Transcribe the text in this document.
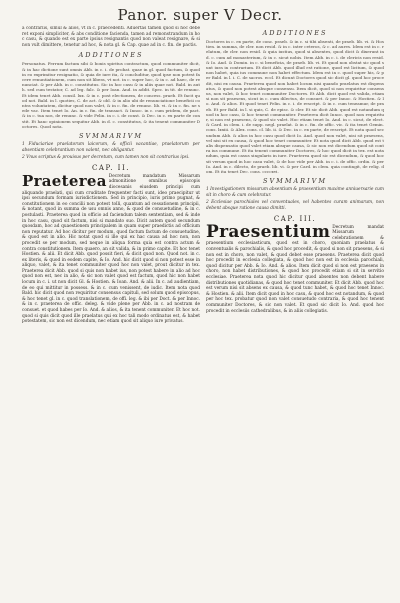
Panor. super V Decr.

a contrariis, simul & alios, vt in c. praecedenti. Aduertas tamen quod si hoc deberet exponi simpliciter, & abs conditione facienda, tamen ad remonstrandum in hoc casu, & quando est ex parte ipsius resignantis quod non valeat resignare, & si non vult dimittere, tenetur ad hoc, & nota gl. & Cap. quae ad in c. fin. de pactis.

ADDITIONES

Personatus. Ferrum factum sibi & bonis spiritus contractum, quod communiter dicit, & in hac dictione sunt omnis Abb. in c. i. de probat. quae in gl. quod factum, & quod in eo exprimitur resignatio, & quia de iure ita, & concluditur, quod ipse non potest facere renuntiationem, cum non sit libera, vt not. in c. super hoc, & in c. ad haec, de renunciat. & per Abb. in c. constitutus. Sic in hoc casu & in aliis quae not. Bald. in auth. sed cum testator, C. ad leg. falc. & per Ioan. And. in addit. Spec. in tit. de renunc. Et idem tenet Abb. consil. lxx. & in c. post electionem, de concess. praeb. Et facit quod not. Bald. in l. quoties, C. de act. & obl. & in alio ubi de renunciatione beneficii contra voluntatem, dicitur quod non valet, & in c. fin. de renunc. lib. vi. & in c. fin. ne sede vac. Item tenet Io. An. in c. fin. de transact. & Innoc. in c. cum pridem, de pact. & in c. tua nos, de renunc. & vide Felin. in c. i. de const. & Dec. in c. ex parte de constit. Et hanc opinionem sequitur Abb. in d. c. constitutus, & ita tenent communiter Doctores. Quod nota.

SVMMARIVM

1 Fiduciariae praelatorum laicorum, & officii vacantiae, praelatorum per absentiam celebrantium non valent, nec obligantur.

2 Vnus scriptus & prouisus per decretum, cum tamen non sit contrarius ipsi.

CAP. II.

Praeterea Decretum mandatum Missarum admonitione omnibus episcopis diocesanis eiusdem principi cum aliquando praelati, qui cum cruditate frequenter facti sunt, ideo praecipitur ut ipsi secundum formam iurisdictionem. Sed in principio, iuris primo pugnat, & constitutionem in eo concilii non potest tolli, quantum ad cessationem principii, & notant, quod in summa de usu omnis anno, & quod de consuetudine, & in c. postulasti. Praeterea quod in officio ad faciendum talem sententiam, sed & inde in hoc casu, quod sit factum, nisi si mandato suo. Dicit autem quod secundum quosdam, hoc ad quaestionem principalem in quam super praedictis ad officium non reputatur. Ad hoc dicitur per modum, quod factum factum de consuetudine, & quod est in alio. Hic notat quod si ille qui ex hac causa ad hoc non, non procedit se per modum, sed neque in aliqua forma quia est contra actum & contra constitutionem. Item quaero, an sit valida, & in primo capite. Et hoc tenet Hostien. & alii. Et dicit Abb. quod possit fieri, & dicit quod non. Quod not. in c. ex literis, & quod in eodem capite, & Io. And. hic dicit quod si non potest esse in aliquo, valet, & ita tenet communiter quod hoc non valet, prout dicitur in tex. Praeterea dicit Abb. quod si quis non habet ius, non potest habere in alio ad hoc quod non est, nec in alio, & sic non valet quod est factum, quod hic non habet locum in c. i. ut non dicit Gl. & Hostien. & Ioan. And. & alii. In c. ad audientiam, de eo qui mittitur in possess. & in c. cum venissent, de iudic. Item nota quod Bald. hic dicit quod non requiritur consensus capituli, sed solum quod episcopus, & hoc tenet gl. in c. quod translationem, de offi. leg. & ibi per Doct. & per Innoc. & in c. praeterea de offic. deleg. & vide plene per Abb. in c. ad nostram de consuet. et quod habes per Io. And. & alios, & ita tenent communiter. Et hoc not. quod si quis dicit quod ille praelatus qui ex hoc tali modo ordinatus est, & habet potestatem, sic non est dicendum, nec etiam quod sit aliquo iure privatus.

ADDITIONES

Doctores in c. ex parte, de conc. praeb. & in c. si tibi absenti, de praeb. lib. vi. & Hostien. in summa, de cler. non resid. & in c. inter ceteros, & c. ad aures. Idem est in c. relatum, de cler. non resid. & quia iustius, quod si absentes, quod dicit & dixerunt in d. c. cum ad monasterium, & in c. sicut nobis. Item Abb. in c. i. de clericis non resid. & Io. And. & Domin. in c. si beneficia, de praeb. lib. vi. Et quod non obstat sic quod sunt iura in contrarium. Et dicit Abb. quod illud est ratione, quod est licitum, & quod non habet, quia ius commune non habet effectum. Idem est in c. quod super his, & per Bald. in l. i. C. de sacros. eccl. Et dicunt Doctores quod sic dicit gl. quod hoc procedit, nisi ex causa. Praeterea quod non habet locum nisi quando praelatus est dispensatus, & quod non potest absque consensu. Item dicit, quod si non requiritur consensus, non valet, & hoc tenet communiter Doctores. Et Abb. dicit quod est valida, etiam si non sit praesens, sicut in c. cum dilectus, de consuet. & per Innoc. & Hostien. & Io. And. & alios. Et quod tenet Felin. in c. i. de rescript. & in c. cum teneamur, de praeb. Et per Bald. in l. si quis, C. de episc. & cler. Et sic dicit Abb. quod est notandum quod in hoc casu, & hoc tenent communiter. Praeterea dicit Innoc. quod non requiritur, si non est praesens, & quod sic valet. Hoc etiam tenet Io. And. in c. sicut, de elect. & Card. in clem. i. de supp. negl. praelat. & in c. fin. de offic. vic. & ita tenet Gemin. cons. lxxiii. & Alex. cons. cl. lib. ii. & Dec. in c. ex parte, de rescript. Et nota quod secundum Abb. & alios in hoc casu quod dicit Io. And. quod non valet, nisi sit praesens, vel nisi sit ex causa, & quod hoc tenet communiter. Et nota quod dicit Abb. quod est talis dispensatio quod valet etiam absque causa, & sic non est dicendum quod sit contra ius commune. Et ita tenent communiter Doctores, & hoc quod dicit in tex. est notandum, quia est casus singularis in iure. Praeterea quod sic est dicendum, & quod hoc sit verum quod in hoc casu valet, & de hoc vide per Abb. in c. i. de offic. ordin. & per Io. And. in c. dilecto, de praeb. lib. vi. & per Card. in clem. quia contingit, de relig. dom. Et ita tenet Dec. cons. ccccxvi.

SVMMARIVM

1 Investigationem missarum absentium & praesentium maxime anniuersarie cum sit in choro & cum celebratur.

2 Ecclesiae parochiales vel conventuales, vel habentes curam animarum, non debent absque ratione causa dimitti.

CAP. III.

Praesentium Decretum mandat Missarum celebrationem & praesentium ecclesiasticum, quod est in choro, quoniam praelatus & conventualis & parochialis, & quod hoc procedit, & quod si non sit praesens, & si non est in choro, non valet, & quod debet esse praesens. Praeterea dicit quod hoc procedit in ecclesia collegiata, & quod hoc non est in ecclesia parochiali, quod dicitur per Abb. & Io. And. & alios. Item dicit quod si non est praesens in choro, non habet distributiones, & quod hoc procedit etiam si sit in servitio ecclesiae. Praeterea nota quod hic dicitur quod absentes non debent habere distributiones quotidianas, & quod hoc tenet communiter. Et dicit Abb. quod hoc est verum nisi sit absens ex causa, & quod tunc habet, & quod hoc tenet Innoc. & Hostien. & alii. Item dicit quod in hoc casu, & quod hoc est notandum, & quod per hoc tex. probatur quod non valet consuetudo contraria, & quod hoc tenent communiter Doctores, & sic non valet. Et quod sic dicit Io. And. quod hoc procedit in ecclesiis cathedralibus, & in aliis collegiatis.
